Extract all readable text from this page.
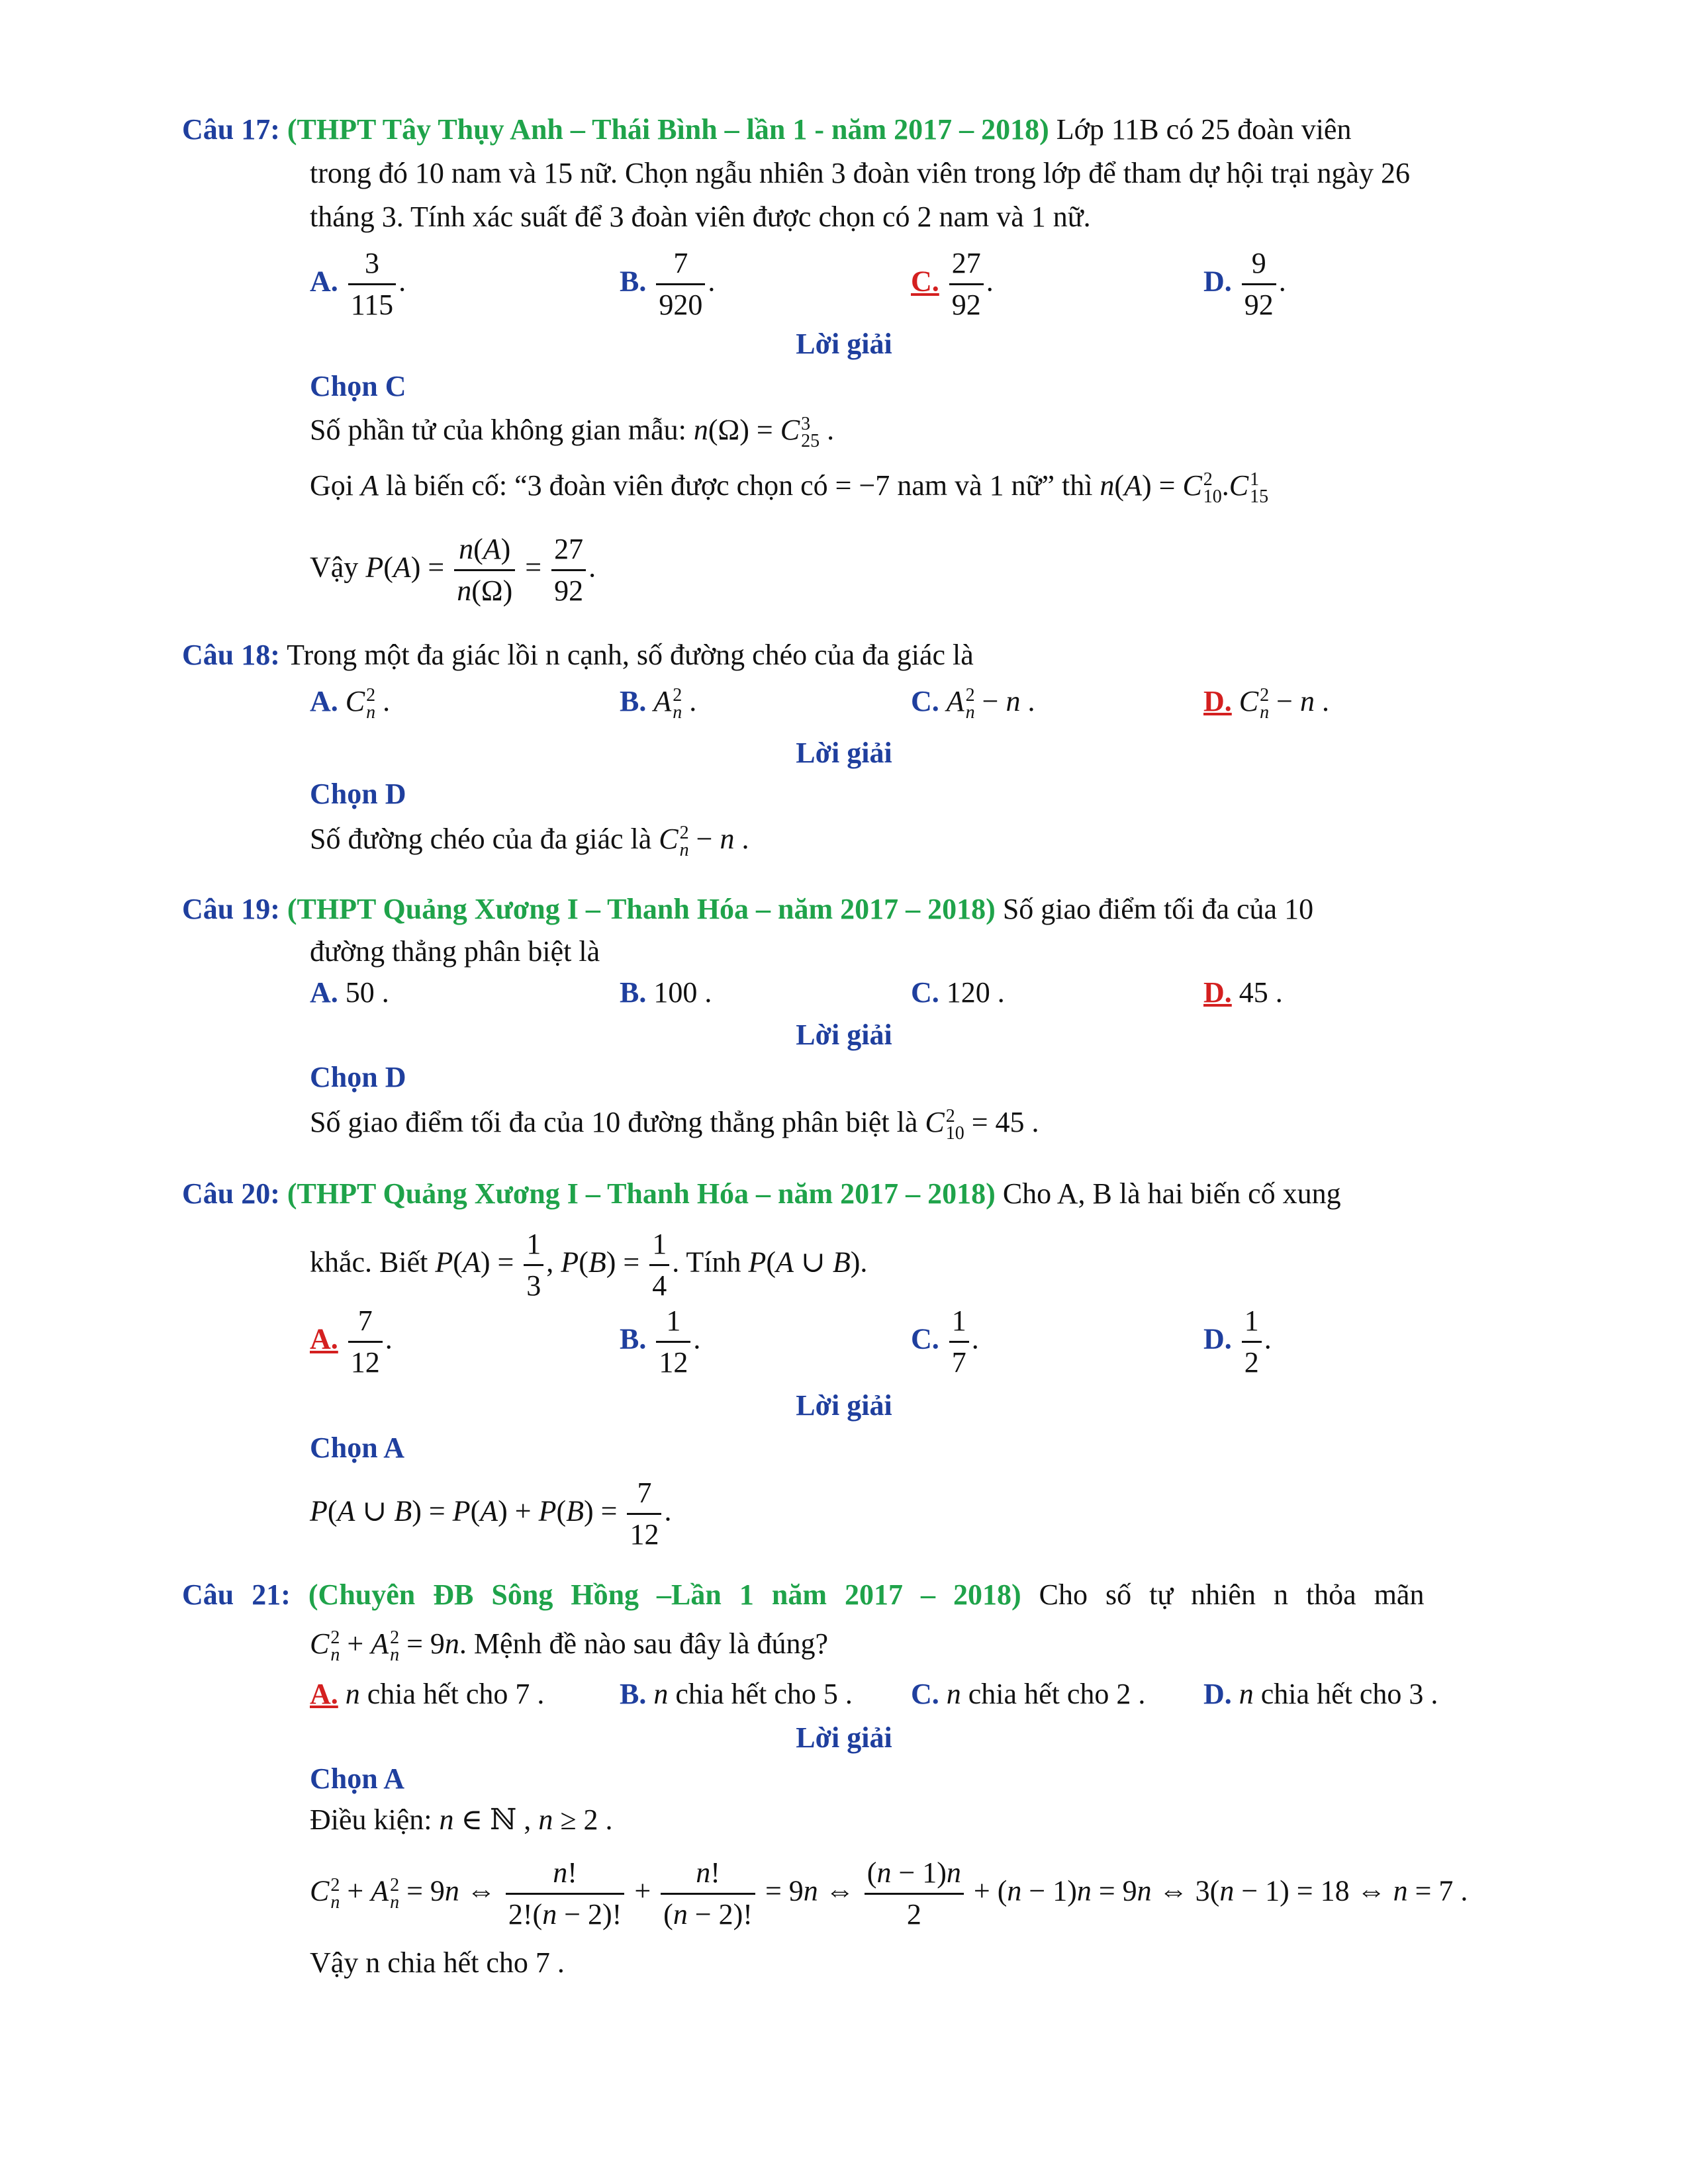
Câu 17: (THPT Tây Thụy Anh – Thái Bình – lần 1 - năm 2017 – 2018) Lớp 11B có 25 đoàn viên
trong đó 10 nam và 15 nữ. Chọn ngẫu nhiên 3 đoàn viên trong lớp để tham dự hội trại ngày 26
tháng 3. Tính xác suất để 3 đoàn viên được chọn có 2 nam và 1 nữ.
A. $\frac{3}{115}$ .	B. $\frac{7}{920}$ .	C. $\frac{27}{92}$ .	D. $\frac{9}{92}$ .
Lời giải
Chọn C
Số phần tử của không gian mẫu: n(Ω) = C 3
25 .
Gọi A là biến cố: “3 đoàn viên được chọn có = −7 nam và 1 nữ” thì n(A) = C 2
10 .C 1
15
Vậy $P(A) = \frac{n(A)}{n(\Omega)} = \frac{27}{92}$ .
Câu 18: Trong một đa giác lồi n cạnh, số đường chéo của đa giác là
A. C 2
n .	B. A 2
n .	C. A 2
n − n .	D. C 2
n − n .
Lời giải
Chọn D
Số đường chéo của đa giác là C 2
n − n .
Câu 19: (THPT Quảng Xương I – Thanh Hóa – năm 2017 – 2018) Số giao điểm tối đa của 10
đường thẳng phân biệt là
A. 50 .	B. 100 .	C. 120 .	D. 45 .
Lời giải
Chọn D
Số giao điểm tối đa của 10 đường thẳng phân biệt là C 2
10 = 45 .
Câu 20: (THPT Quảng Xương I – Thanh Hóa – năm 2017 – 2018) Cho A, B là hai biến cố xung
khắc. Biết $P(A) = \frac{1}{3}$ , $P(B) = \frac{1}{4}$ . Tính P(A ∪ B).
A. $\frac{7}{12}$ .	B. $\frac{1}{12}$ .	C. $\frac{1}{7}$ .	D. $\frac{1}{2}$ .
Lời giải
Chọn A
P(A ∪ $B) = P(A) + P(B) = \frac{7}{12}$ .
Câu 21: (Chuyên ĐB Sông Hồng –Lần 1 năm 2017 – 2018) Cho số tự nhiên n thỏa mãn
C 2
n + A 2
n = 9n. Mệnh đề nào sau đây là đúng?
A. n chia hết cho 7 .	B. n chia hết cho 5 . C. n chia hết cho 2 . D. n chia hết cho 3 .
Lời giải
Chọn A
Điều kiện: n ∈ ℕ , n ≥ 2 .
C 2
n + A 2
n = 9n ⇔ $\frac{n!}{2!(n - 2)!} + \frac{n!}{(n - 2)!} = 9n$ ⇔ $\frac{(n - 1)n}{2} + (n - 1)n = 9n$ ⇔ 3(n − 1) = 18 ⇔ n = 7 .
Vậy n chia hết cho 7 .
